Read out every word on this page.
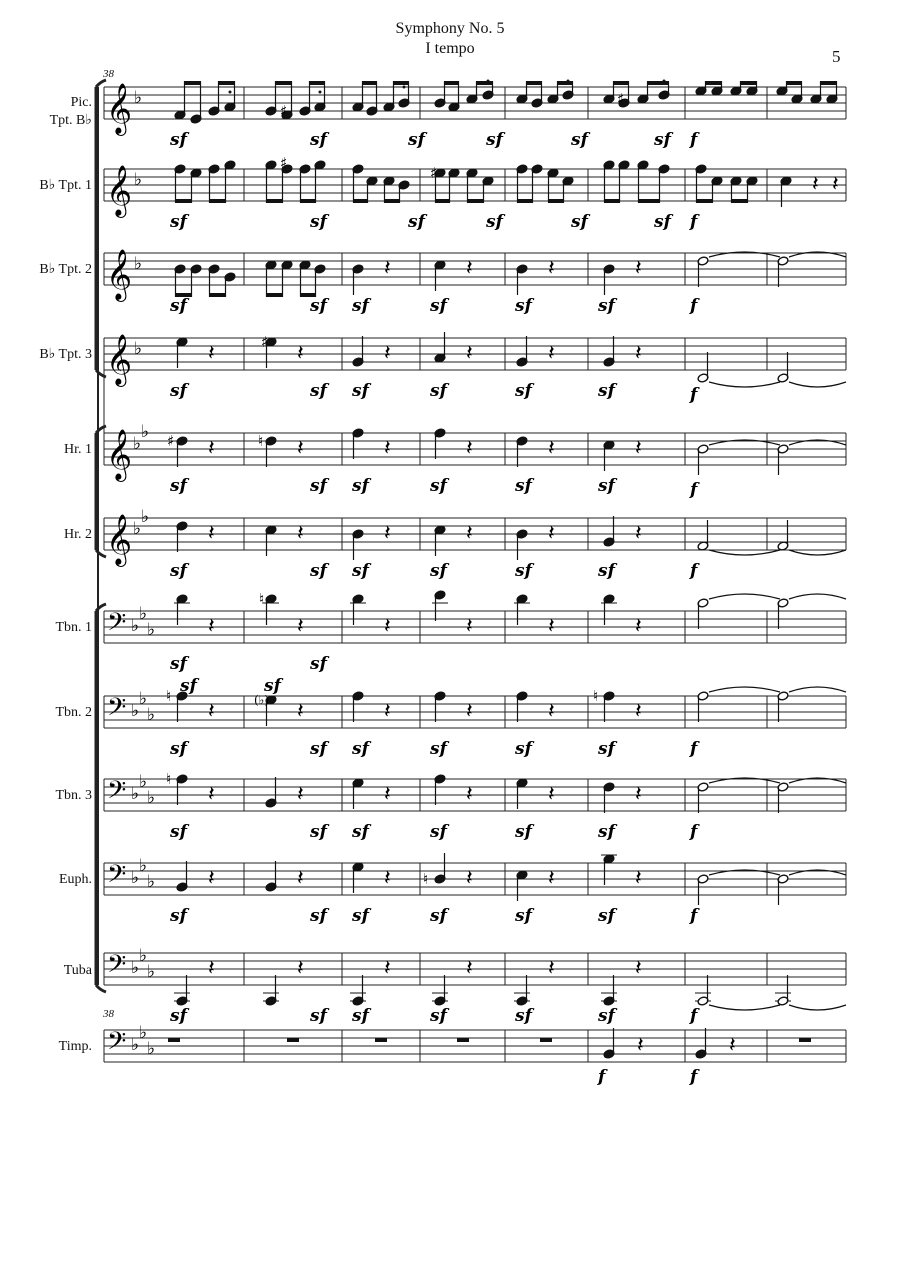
Symphony No. 5
I tempo	5
38
38
Pic.
Tpt. B♭
B♭ Tpt. 1
B♭ Tpt. 2
B♭ Tpt. 3
Hr. 1
Hr. 2
Tbn. 1
Tbn. 2
Tbn. 3
Euph.
Tuba
Timp.
𝄞 ♭
𝄞 ♭
𝄞 ♭
𝄞 ♭
𝄞 ♭
♭
𝄞 ♭
♭
𝄢 ♭
♭
♭
𝄢 ♭
♭
♭
𝄢 ♭
♭
♭
𝄢 ♭
♭
♭
𝄢 ♭
♭
♭
𝄢 ♭
♭
♭
sf	sf	sf	sf	sf	sf
♯
♯
f
sf	sf	sf	sf	sf	sf
𝄽 𝄽
♯
♯
f
sf	sf
𝄽
sf
𝄽
sf
𝄽
sf
𝄽
sf	f
𝄽
sf
𝄽
sf
𝄽
sf
𝄽
sf
𝄽
sf
𝄽
sf
♯
f
𝄽
sf
𝄽
sf
𝄽
sf
𝄽
sf
𝄽
sf
𝄽
sf
♯	♮
f
𝄽
sf
𝄽
sf
𝄽
sf
𝄽
sf
𝄽
sf
𝄽
sf	f
𝄽
sf
𝄽
sf
𝄽	𝄽	𝄽	𝄽
♮
𝄽
sf
𝄽
sf
𝄽
sf
𝄽
sf
𝄽
sf
𝄽
sf
♮	(♭)	♮
f
𝄽
sf
𝄽
sf
𝄽
sf
𝄽
sf
𝄽
sf
𝄽
sf
♮
f
𝄽
sf
𝄽
sf
𝄽
sf
𝄽
sf
𝄽
sf
𝄽
sf
♮
f
𝄽
sf
𝄽
sf
𝄽
sf
𝄽
sf
𝄽
sf
𝄽
sf	f
sf	sf
𝄽	𝄽
f	f
